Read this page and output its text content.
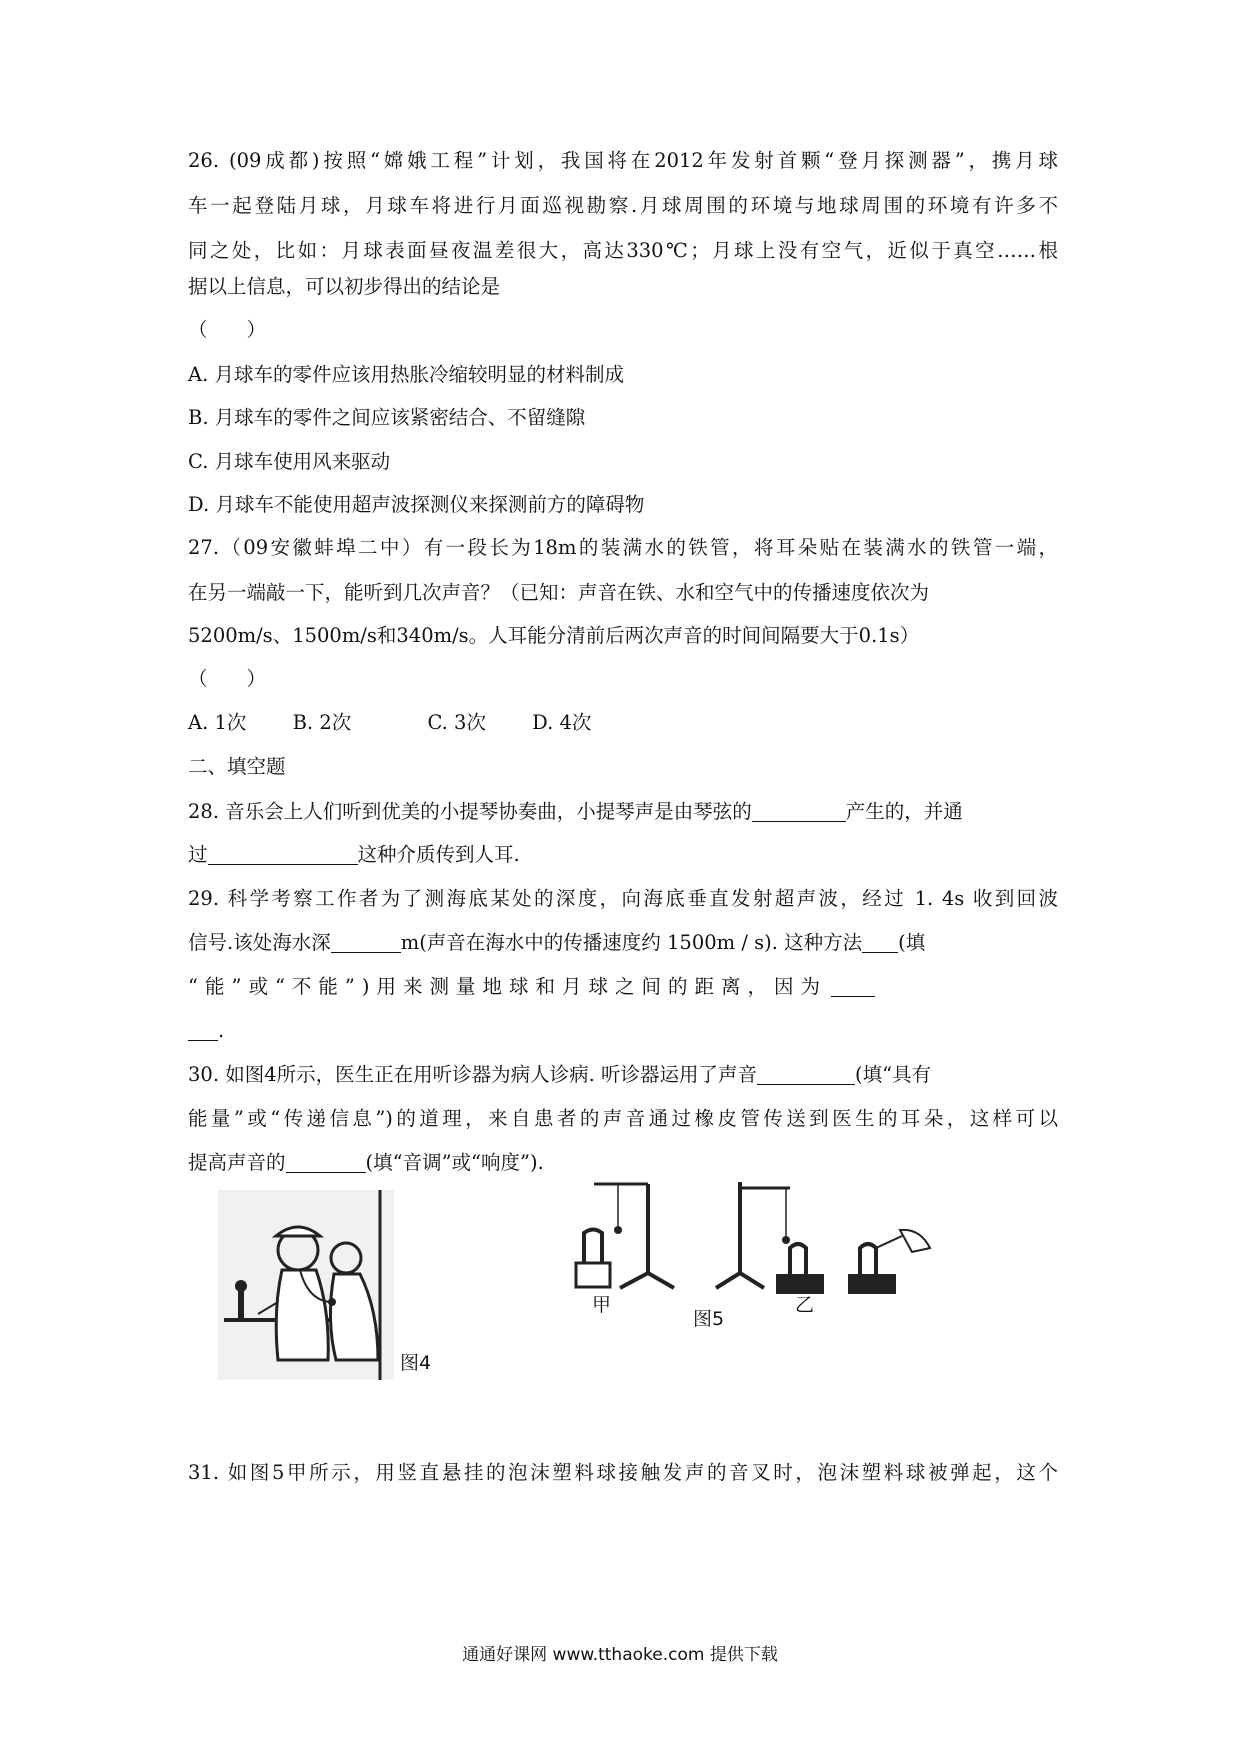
26. (09成都)按照“嫦娥工程”计划，我国将在2012年发射首颗“登月探测器”，携月球
车一起登陆月球，月球车将进行月面巡视勘察.月球周围的环境与地球周围的环境有许多不
同之处，比如：月球表面昼夜温差很大，高达330℃；月球上没有空气，近似于真空……根
据以上信息，可以初步得出的结论是
（　　）
A. 月球车的零件应该用热胀冷缩较明显的材料制成
B. 月球车的零件之间应该紧密结合、不留缝隙
C. 月球车使用风来驱动
D. 月球车不能使用超声波探测仪来探测前方的障碍物
27.（09安徽蚌埠二中）有一段长为18m的装满水的铁管，将耳朵贴在装满水的铁管一端，
在另一端敲一下，能听到几次声音？（已知：声音在铁、水和空气中的传播速度依次为
5200m/s、1500m/s和340m/s。人耳能分清前后两次声音的时间间隔要大于0.1s）
（　　）
A. 1次 B. 2次	C. 3次 D. 4次
二、填空题
28. 音乐会上人们听到优美的小提琴协奏曲，小提琴声是由琴弦的	产生的，并通
过	这种介质传到人耳.
29. 科学考察工作者为了测海底某处的深度，向海底垂直发射超声波，经过 1. 4s 收到回波
信号.该处海水深	m(声音在海水中的传播速度约 1500m / s). 这种方法 (填
“能”或“不能”)用来测量地球和月球之间的距离，因为
.
30. 如图4所示，医生正在用听诊器为病人诊病. 听诊器运用了声音	(填“具有
能量”或“传递信息”)的道理，来自患者的声音通过橡皮管传送到医生的耳朵，这样可以
提高声音的	(填“音调”或“响度”).
图4
甲
图5
乙
31. 如图5甲所示，用竖直悬挂的泡沫塑料球接触发声的音叉时，泡沫塑料球被弹起，这个
通通好课网 www.tthaoke.com 提供下载
